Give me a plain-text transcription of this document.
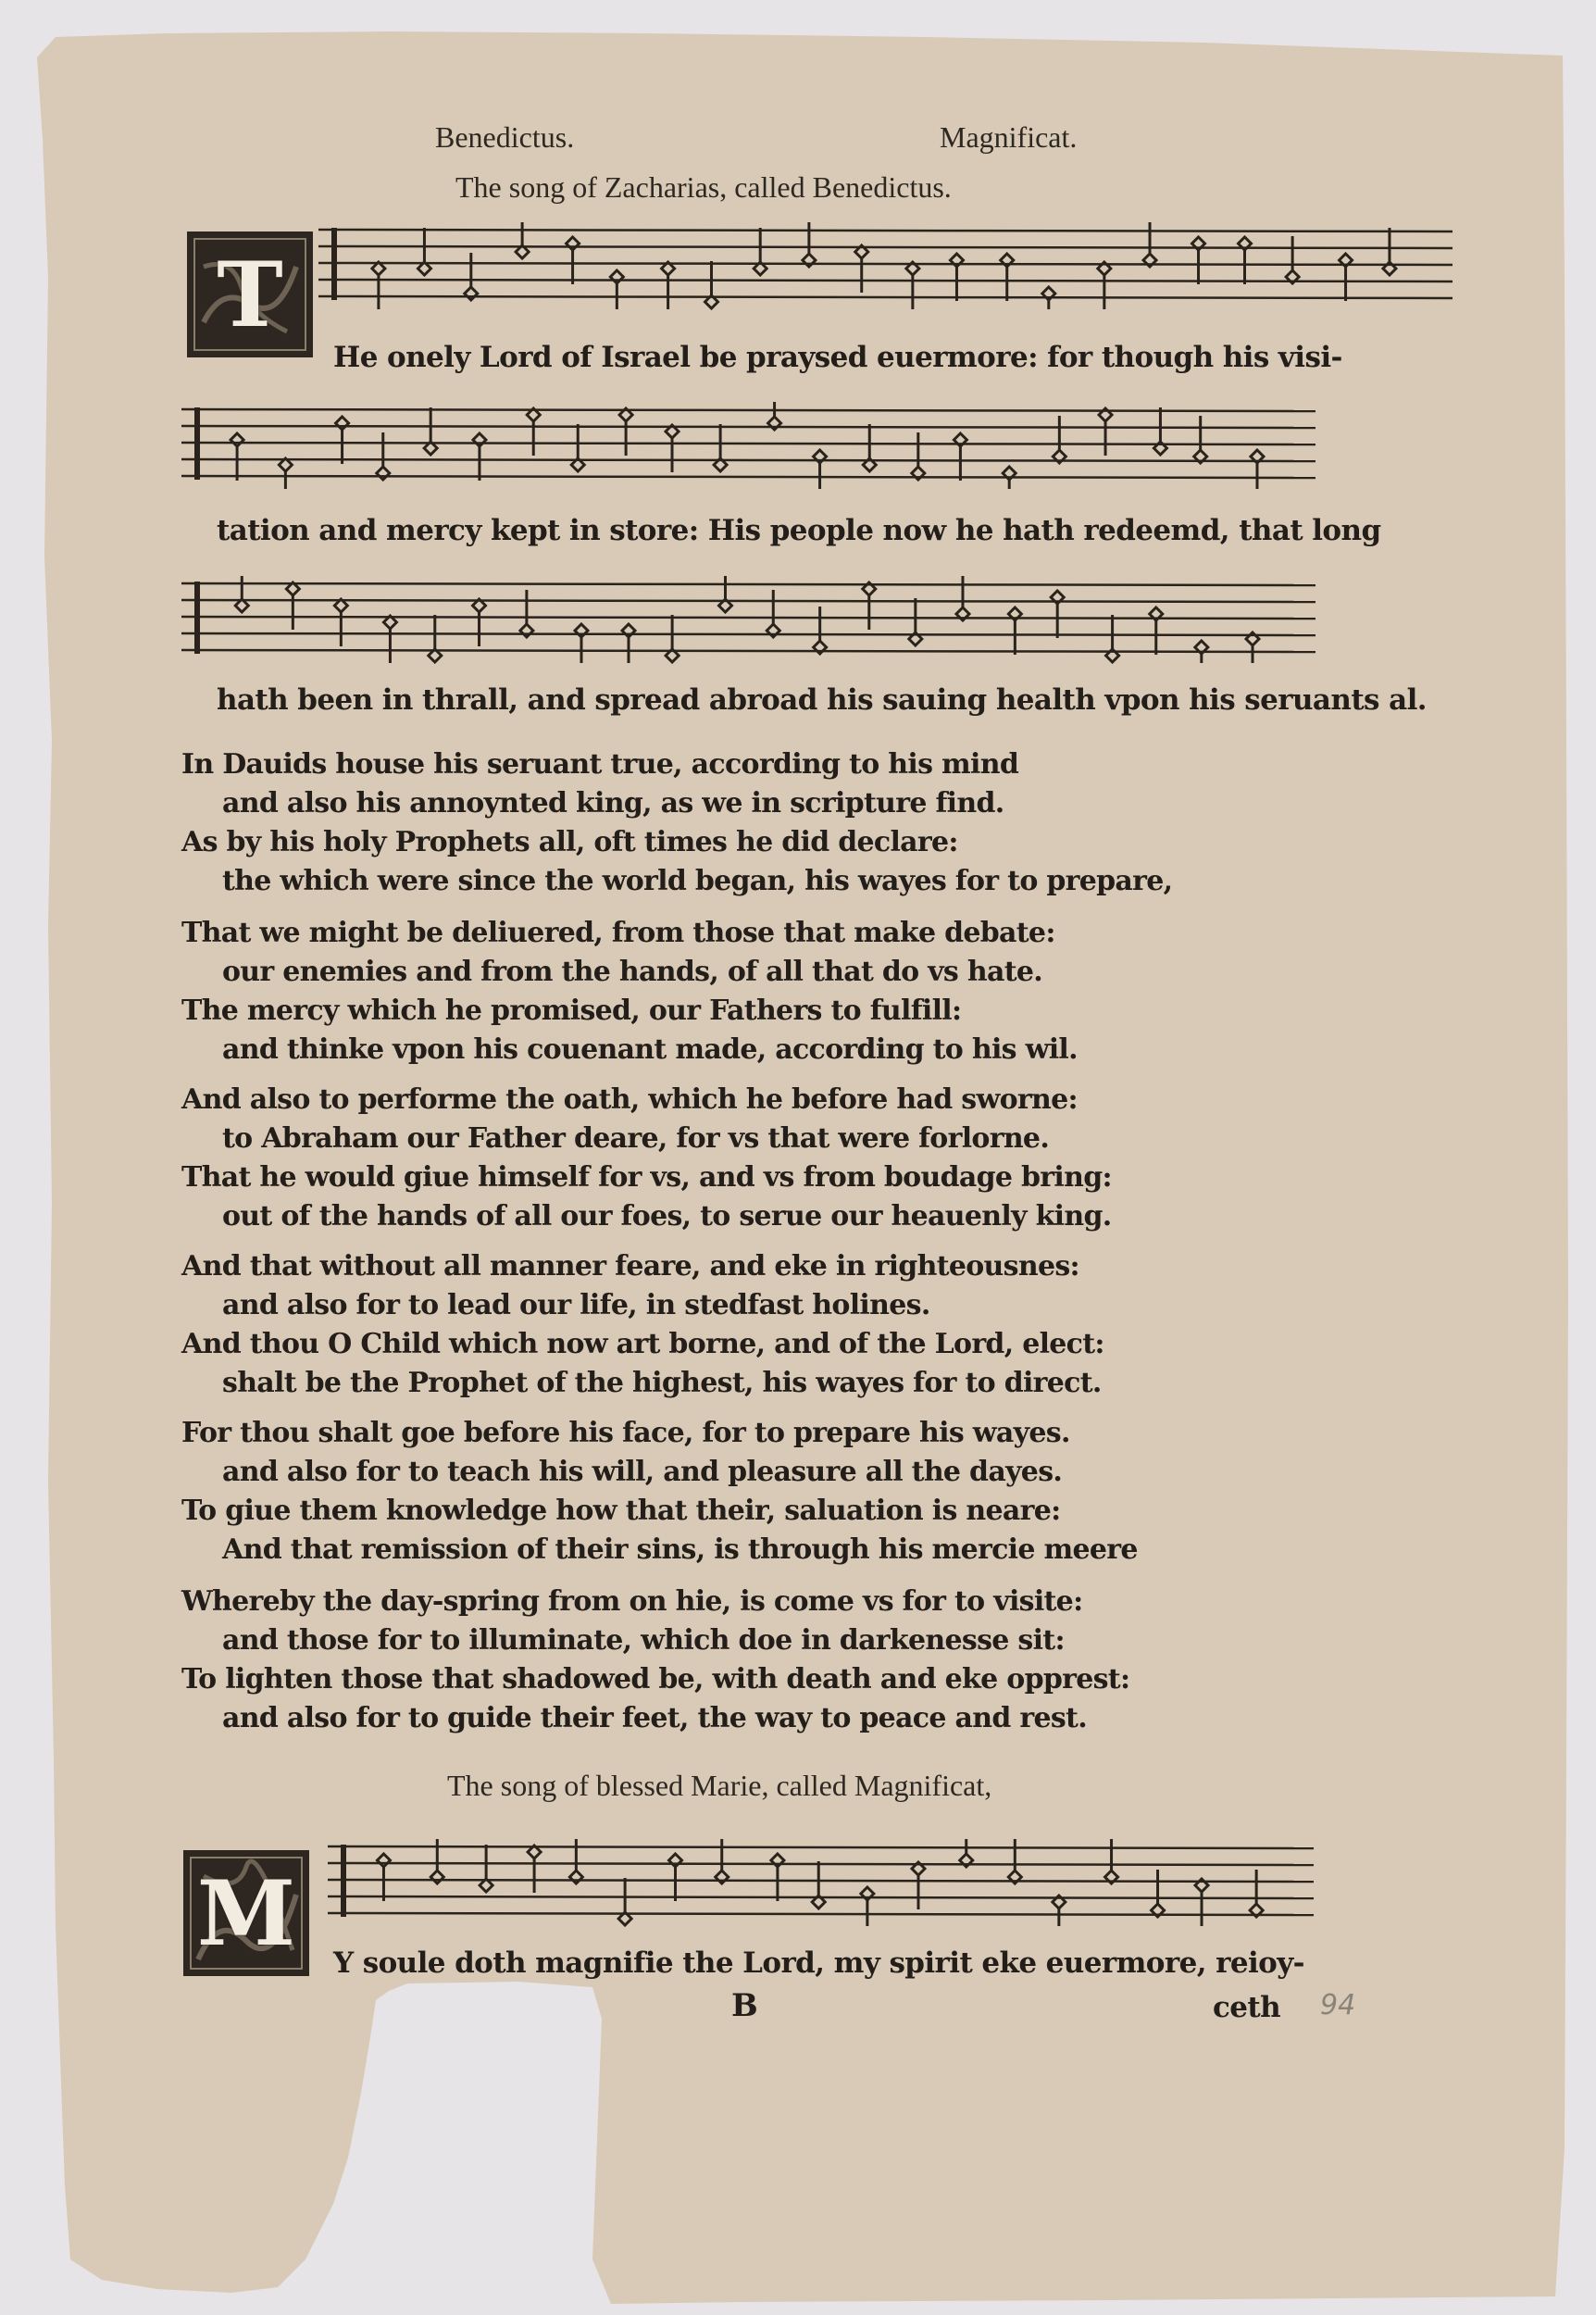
Benedictus.	Magnificat.
The song of Zacharias, called Benedictus.
T
He onely Lord of Israel be praysed euermore: for though his visi-
tation and mercy kept in store: His people now he hath redeemd, that long
hath been in thrall, and spread abroad his sauing health vpon his seruants al.
In Dauids house his seruant true, according to his mind
and also his annoynted king, as we in scripture find.
As by his holy Prophets all, oft times he did declare:
the which were since the world began, his wayes for to prepare,
That we might be deliuered, from those that make debate:
our enemies and from the hands, of all that do vs hate.
The mercy which he promised, our Fathers to fulfill:
and thinke vpon his couenant made, according to his wil.
And also to performe the oath, which he before had sworne:
to Abraham our Father deare, for vs that were forlorne.
That he would giue himself for vs, and vs from boudage bring:
out of the hands of all our foes, to serue our heauenly king.
And that without all manner feare, and eke in righteousnes:
and also for to lead our life, in stedfast holines.
And thou O Child which now art borne, and of the Lord, elect:
shalt be the Prophet of the highest, his wayes for to direct.
For thou shalt goe before his face, for to prepare his wayes.
and also for to teach his will, and pleasure all the dayes.
To giue them knowledge how that their, saluation is neare:
And that remission of their sins, is through his mercie meere
Whereby the day-spring from on hie, is come vs for to visite:
and those for to illuminate, which doe in darkenesse sit:
To lighten those that shadowed be, with death and eke opprest:
and also for to guide their feet, the way to peace and rest.
The song of blessed Marie, called Magnificat,
M	Y soule doth magnifie the Lord, my spirit eke euermore, reioy-
B	ceth 94
